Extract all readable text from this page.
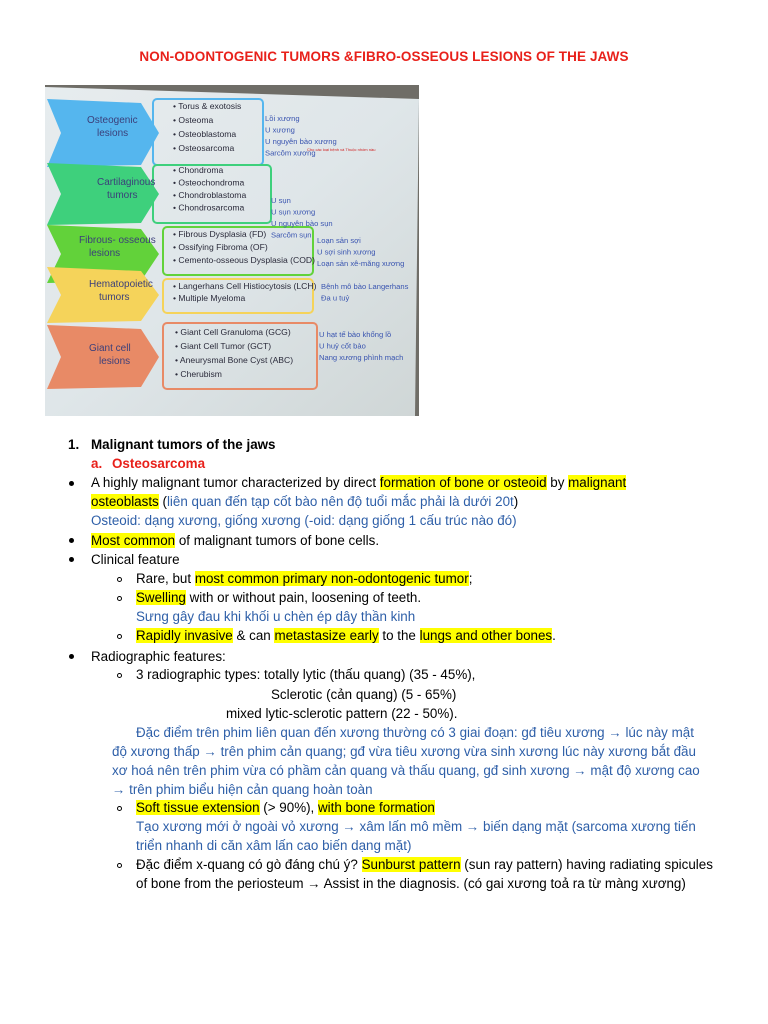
NON-ODONTOGENIC TUMORS &FIBRO-OSSEOUS LESIONS OF THE JAWS
Osteogenic
lesions
• Torus & exotosis
• Osteoma
• Osteoblastoma
• Osteosarcoma
Lồi xương
U xương
U nguyên bào xương
Sarcôm xương
Cho các loại bệnh và Thuộc nhóm nầu
Cartilaginous
tumors
• Chondroma
• Osteochondroma
• Chondroblastoma
• Chondrosarcoma
U sụn
U sụn xương
U nguyên bào sụn
Sarcôm sụn
Fibrous- osseous
lesions
• Fibrous Dysplasia (FD)
• Ossifying Fibroma (OF)
• Cemento-osseous Dysplasia (COD)
Loạn sản sợi
U sợi sinh xương
Loạn sản xê-măng xương
Hematopoietic
tumors
• Langerhans Cell Histiocytosis (LCH)
• Multiple Myeloma
Bệnh mô bào Langerhans
Đa u tuỷ
Giant cell
lesions
• Giant Cell Granuloma (GCG)
• Giant Cell Tumor (GCT)
• Aneurysmal Bone Cyst (ABC)
• Cherubism
U hạt tế bào khổng lồ
U huỷ cốt bào
Nang xương phình mạch
1. Malignant tumors of the jaws
a. Osteosarcoma
A highly malignant tumor characterized by direct formation of bone or osteoid by malignant
osteoblasts (liên quan đến tạp cốt bào nên độ tuổi mắc phải là dưới 20t)
Osteoid: dạng xương, giống xương (-oid: dạng giống 1 cấu trúc nào đó)
Most common of malignant tumors of bone cells.
Clinical feature
Rare, but most common primary non-odontogenic tumor;
Swelling with or without pain, loosening of teeth.
Sưng gây đau khi khối u chèn ép dây thần kinh
Rapidly invasive & can metastasize early to the lungs and other bones.
Radiographic features:
3 radiographic types: totally lytic (thấu quang) (35 - 45%),
Sclerotic (cản quang) (5 - 65%)
mixed lytic-sclerotic pattern (22 - 50%).
Đặc điểm trên phim liên quan đến xương thường có 3 giai đoạn: gđ tiêu xương → lúc này mật
độ xương thấp → trên phim cản quang; gđ vừa tiêu xương vừa sinh xương lúc này xương bắt đầu
xơ hoá nên trên phim vừa có phầm cản quang và thấu quang, gđ sinh xương → mật độ xương cao
→ trên phim biểu hiện cản quang hoàn toàn
Soft tissue extension (> 90%), with bone formation
Tạo xương mới ở ngoài vỏ xương → xâm lấn mô mềm → biến dạng mặt (sarcoma xương tiến
triển nhanh di căn xâm lấn cao biến dạng mặt)
Đặc điểm x-quang có gò đáng chú ý? Sunburst pattern (sun ray pattern) having radiating spicules
of bone from the periosteum → Assist in the diagnosis. (có gai xương toả ra từ màng xương)
